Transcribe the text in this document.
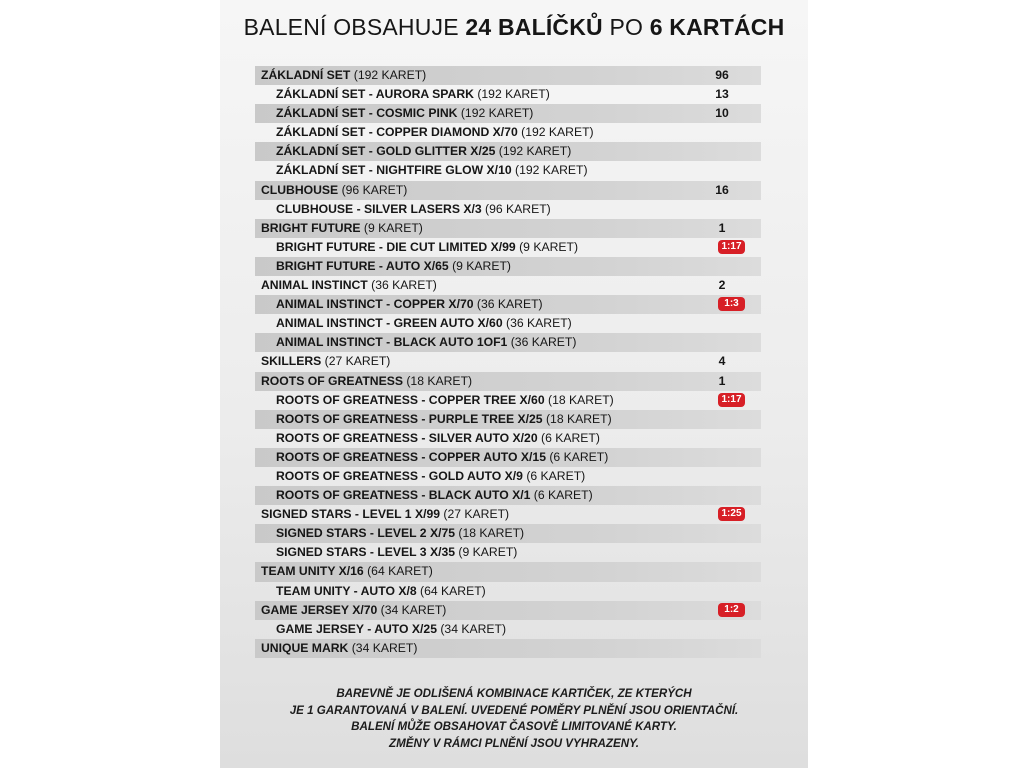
BALENÍ OBSAHUJE 24 BALÍČKŮ PO 6 KARTÁCH
ZÁKLADNÍ SET (192 KARET)	96
ZÁKLADNÍ SET - AURORA SPARK (192 KARET)	13
ZÁKLADNÍ SET - COSMIC PINK (192 KARET)	10
ZÁKLADNÍ SET - COPPER DIAMOND X/70 (192 KARET)
ZÁKLADNÍ SET - GOLD GLITTER X/25 (192 KARET)
ZÁKLADNÍ SET - NIGHTFIRE GLOW X/10 (192 KARET)
CLUBHOUSE (96 KARET)	16
CLUBHOUSE - SILVER LASERS X/3 (96 KARET)
BRIGHT FUTURE (9 KARET)	1
BRIGHT FUTURE - DIE CUT LIMITED X/99 (9 KARET)	1:17
BRIGHT FUTURE - AUTO X/65 (9 KARET)
ANIMAL INSTINCT (36 KARET)	2
ANIMAL INSTINCT - COPPER X/70 (36 KARET)	1:3
ANIMAL INSTINCT - GREEN AUTO X/60 (36 KARET)
ANIMAL INSTINCT - BLACK AUTO 1OF1 (36 KARET)
SKILLERS (27 KARET)	4
ROOTS OF GREATNESS (18 KARET)	1
ROOTS OF GREATNESS - COPPER TREE X/60 (18 KARET)	1:17
ROOTS OF GREATNESS - PURPLE TREE X/25 (18 KARET)
ROOTS OF GREATNESS - SILVER AUTO X/20 (6 KARET)
ROOTS OF GREATNESS - COPPER AUTO X/15 (6 KARET)
ROOTS OF GREATNESS - GOLD AUTO X/9 (6 KARET)
ROOTS OF GREATNESS - BLACK AUTO X/1 (6 KARET)
SIGNED STARS - LEVEL 1 X/99 (27 KARET)	1:25
SIGNED STARS - LEVEL 2 X/75 (18 KARET)
SIGNED STARS - LEVEL 3 X/35 (9 KARET)
TEAM UNITY X/16 (64 KARET)
TEAM UNITY - AUTO X/8 (64 KARET)
GAME JERSEY X/70 (34 KARET)	1:2
GAME JERSEY - AUTO X/25 (34 KARET)
UNIQUE MARK (34 KARET)
BAREVNĚ JE ODLIŠENÁ KOMBINACE KARTIČEK, ZE KTERÝCH
JE 1 GARANTOVANÁ V BALENÍ. UVEDENÉ POMĚRY PLNĚNÍ JSOU ORIENTAČNÍ.
BALENÍ MŮŽE OBSAHOVAT ČASOVĚ LIMITOVANÉ KARTY.
ZMĚNY V RÁMCI PLNĚNÍ JSOU VYHRAZENY.
